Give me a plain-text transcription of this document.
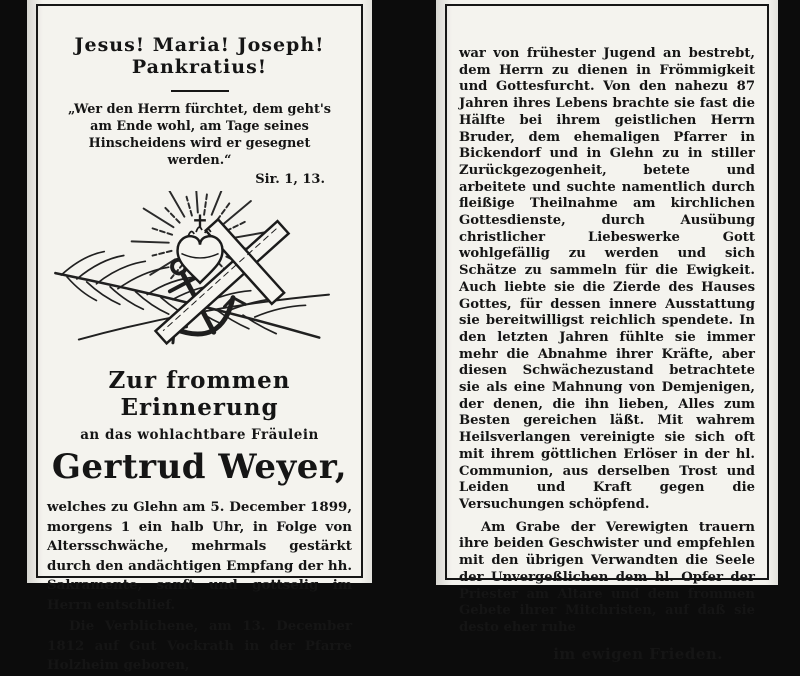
Jesus! Maria! Joseph! Pankratius!

„Wer den Herrn fürchtet, dem geht's am Ende wohl, am Tage seines Hinscheidens wird er gesegnet werden.“

Sir. 1, 13.

Zur frommen Erinnerung
an das wohlachtbare Fräulein
Gertrud Weyer,

welches zu Glehn am 5. December 1899, morgens 1 ein halb Uhr, in Folge von Altersschwäche, mehrmals gestärkt durch den andächtigen Empfang der hh. Sakramente, sanft und gottselig im Herrn entschlief.

Die Verblichene, am 13. December 1812 auf Gut Vockrath in der Pfarre Holzheim geboren,

war von frühester Jugend an bestrebt, dem Herrn zu dienen in Frömmigkeit und Gottesfurcht. Von den nahezu 87 Jahren ihres Lebens brachte sie fast die Hälfte bei ihrem geistlichen Herrn Bruder, dem ehemaligen Pfarrer in Bickendorf und in Glehn zu in stiller Zurückgezogenheit, betete und arbeitete und suchte namentlich durch fleißige Theilnahme am kirchlichen Gottesdienste, durch Ausübung christlicher Liebeswerke Gott wohlgefällig zu werden und sich Schätze zu sammeln für die Ewigkeit. Auch liebte sie die Zierde des Hauses Gottes, für dessen innere Ausstattung sie bereitwilligst reichlich spendete. In den letzten Jahren fühlte sie immer mehr die Abnahme ihrer Kräfte, aber diesen Schwächezustand betrachtete sie als eine Mahnung von Demjenigen, der denen, die ihn lieben, Alles zum Besten gereichen läßt. Mit wahrem Heilsverlangen vereinigte sie sich oft mit ihrem göttlichen Erlöser in der hl. Communion, aus derselben Trost und Leiden und Kraft gegen die Versuchungen schöpfend.

Am Grabe der Verewigten trauern ihre beiden Geschwister und empfehlen mit den übrigen Verwandten die Seele der Unvergeßlichen dem hl. Opfer der Priester am Altare und dem frommen Gebete ihrer Mitchristen, auf daß sie desto eher ruhe

im ewigen Frieden.
